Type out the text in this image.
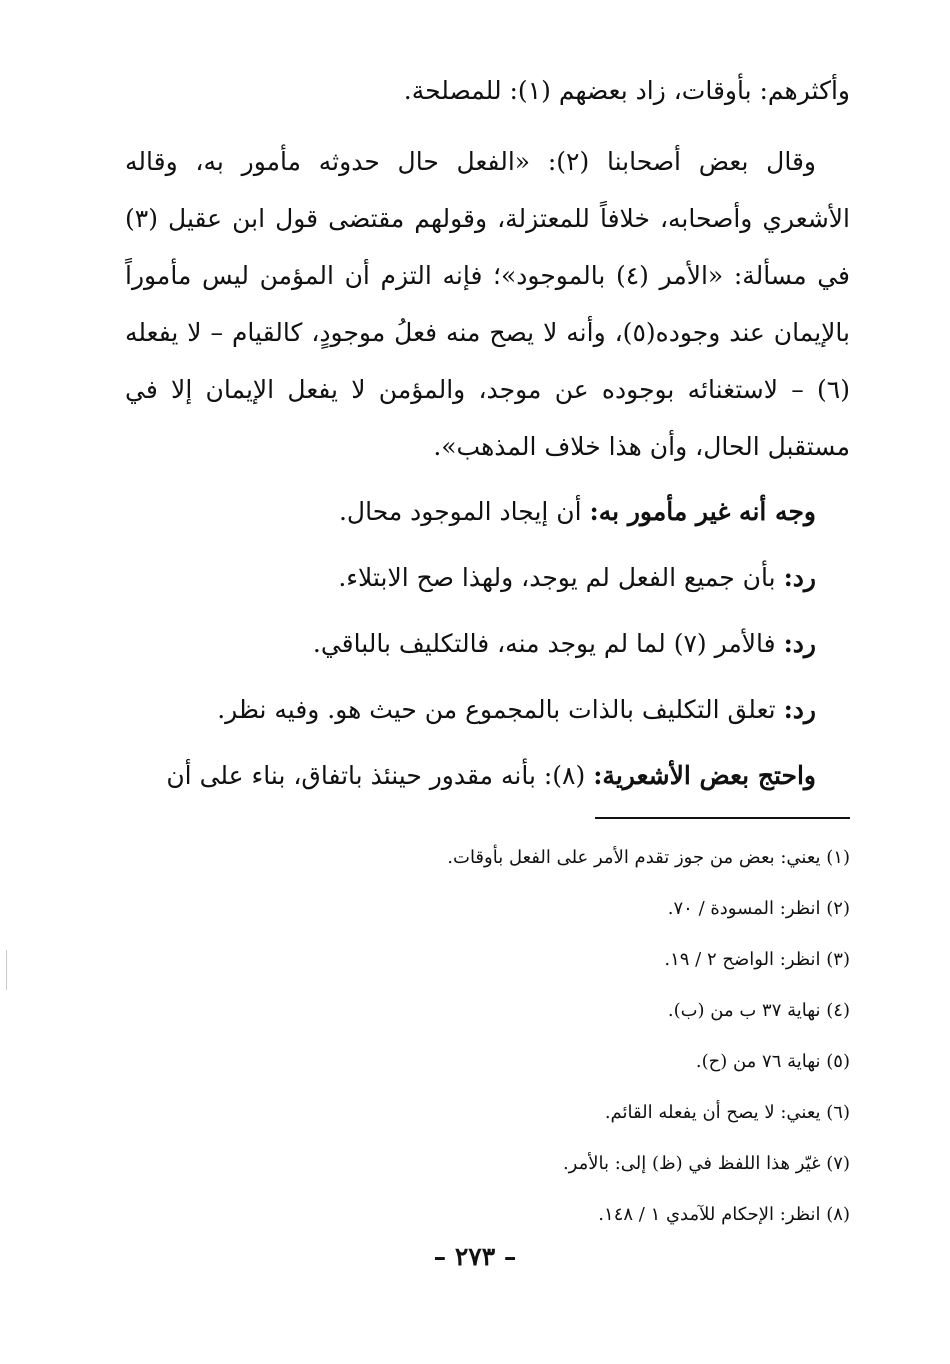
وأكثرهم: بأوقات، زاد بعضهم (١): للمصلحة.

وقال بعض أصحابنا (٢): «الفعل حال حدوثه مأمور به، وقاله الأشعري وأصحابه، خلافاً للمعتزلة، وقولهم مقتضى قول ابن عقيل (٣) في مسألة: «الأمر (٤) بالموجود»؛ فإنه التزم أن المؤمن ليس مأموراً بالإيمان عند وجوده(٥)، وأنه لا يصح منه فعلُ موجودٍ، كالقيام – لا يفعله (٦) – لاستغنائه بوجوده عن موجد، والمؤمن لا يفعل الإيمان إلا في مستقبل الحال، وأن هذا خلاف المذهب».

وجه أنه غير مأمور به: أن إيجاد الموجود محال.

رد: بأن جميع الفعل لم يوجد، ولهذا صح الابتلاء.

رد: فالأمر (٧) لما لم يوجد منه، فالتكليف بالباقي.

رد: تعلق التكليف بالذات بالمجموع من حيث هو. وفيه نظر.

واحتج بعض الأشعرية: (٨): بأنه مقدور حينئذ باتفاق، بناء على أن

(١) يعني: بعض من جوز تقدم الأمر على الفعل بأوقات.

(٢) انظر: المسودة / ٧٠.

(٣) انظر: الواضح ٢ / ١٩.

(٤) نهاية ٣٧ ب من (ب).

(٥) نهاية ٧٦ من (ح).

(٦) يعني: لا يصح أن يفعله القائم.

(٧) غيّر هذا اللفظ في (ظ) إلى: بالأمر.

(٨) انظر: الإحكام للآمدي ١ / ١٤٨.

– ٢٧٣ –
